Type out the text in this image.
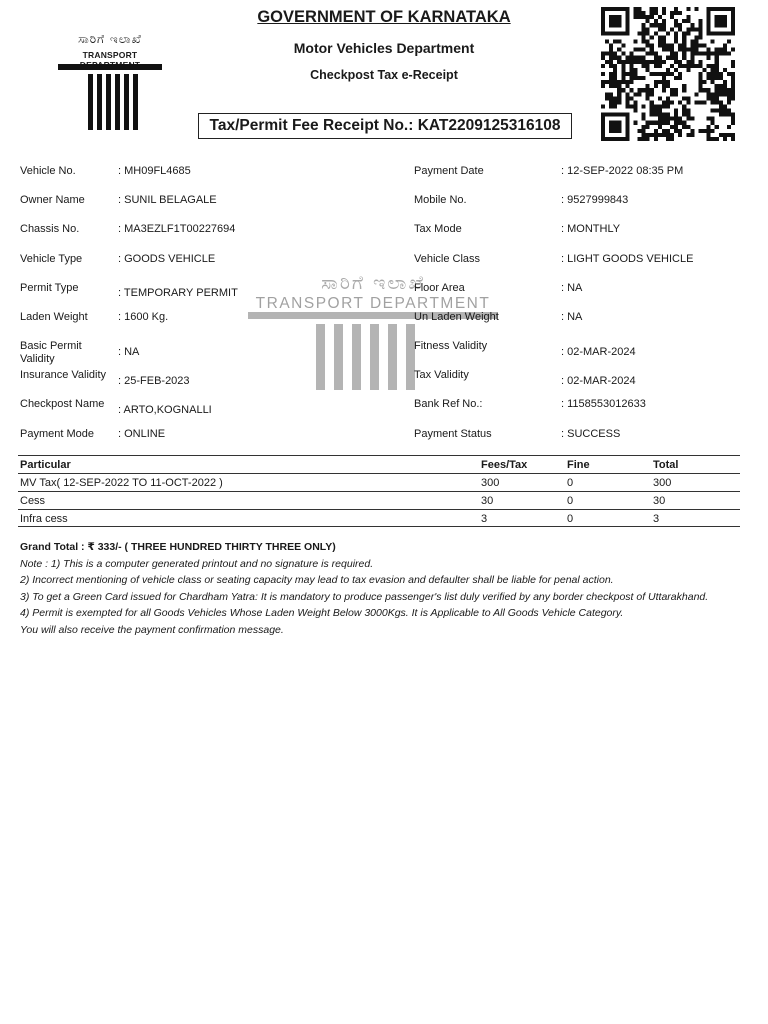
ಸಾರಿಗೆ ಇಲಾಖೆ
TRANSPORT
GOVERNMENT OF KARNATAKA
Motor Vehicles Department
Checkpost Tax e-Receipt
Tax/Permit Fee Receipt No.: KAT2209125316108
ಸಾರಿಗೆ ಇಲಾಖೆ
TRANSPORT DEPARTMENT
Vehicle No.	: MH09FL4685
Owner Name	: SUNIL BELAGALE
Chassis No.	: MA3EZLF1T00227694
Vehicle Type	: GOODS VEHICLE
Permit Type	: TEMPORARY PERMIT
Laden Weight	: 1600 Kg.
Basic Permit Validity
: NA
Insurance Validity : 25-FEB-2023
Checkpost Name : ARTO,KOGNALLI
Payment Mode : ONLINE
Payment Date	: 12-SEP-2022 08:35 PM
Mobile No.	: 9527999843
Tax Mode	: MONTHLY
Vehicle Class	: LIGHT GOODS VEHICLE
Floor Area	: NA
Un Laden Weight	: NA
Fitness Validity	: 02-MAR-2024
Tax Validity	: 02-MAR-2024
Bank Ref No.:	: 1158553012633
Payment Status	: SUCCESS
Particular	Fees/Tax	Fine	Total
MV Tax( 12-SEP-2022 TO 11-OCT-2022 )	300	0	300
Cess	30	0	30
Infra cess	3	0	3
Grand Total : ₹ 333/- ( THREE HUNDRED THIRTY THREE ONLY)
Note : 1) This is a computer generated printout and no signature is required.
2) Incorrect mentioning of vehicle class or seating capacity may lead to tax evasion and defaulter shall be liable for penal action.
3) To get a Green Card issued for Chardham Yatra: It is mandatory to produce passenger's list duly verified by any border checkpost of Uttarakhand.
4) Permit is exempted for all Goods Vehicles Whose Laden Weight Below 3000Kgs. It is Applicable to All Goods Vehicle Category.
You will also receive the payment confirmation message.
